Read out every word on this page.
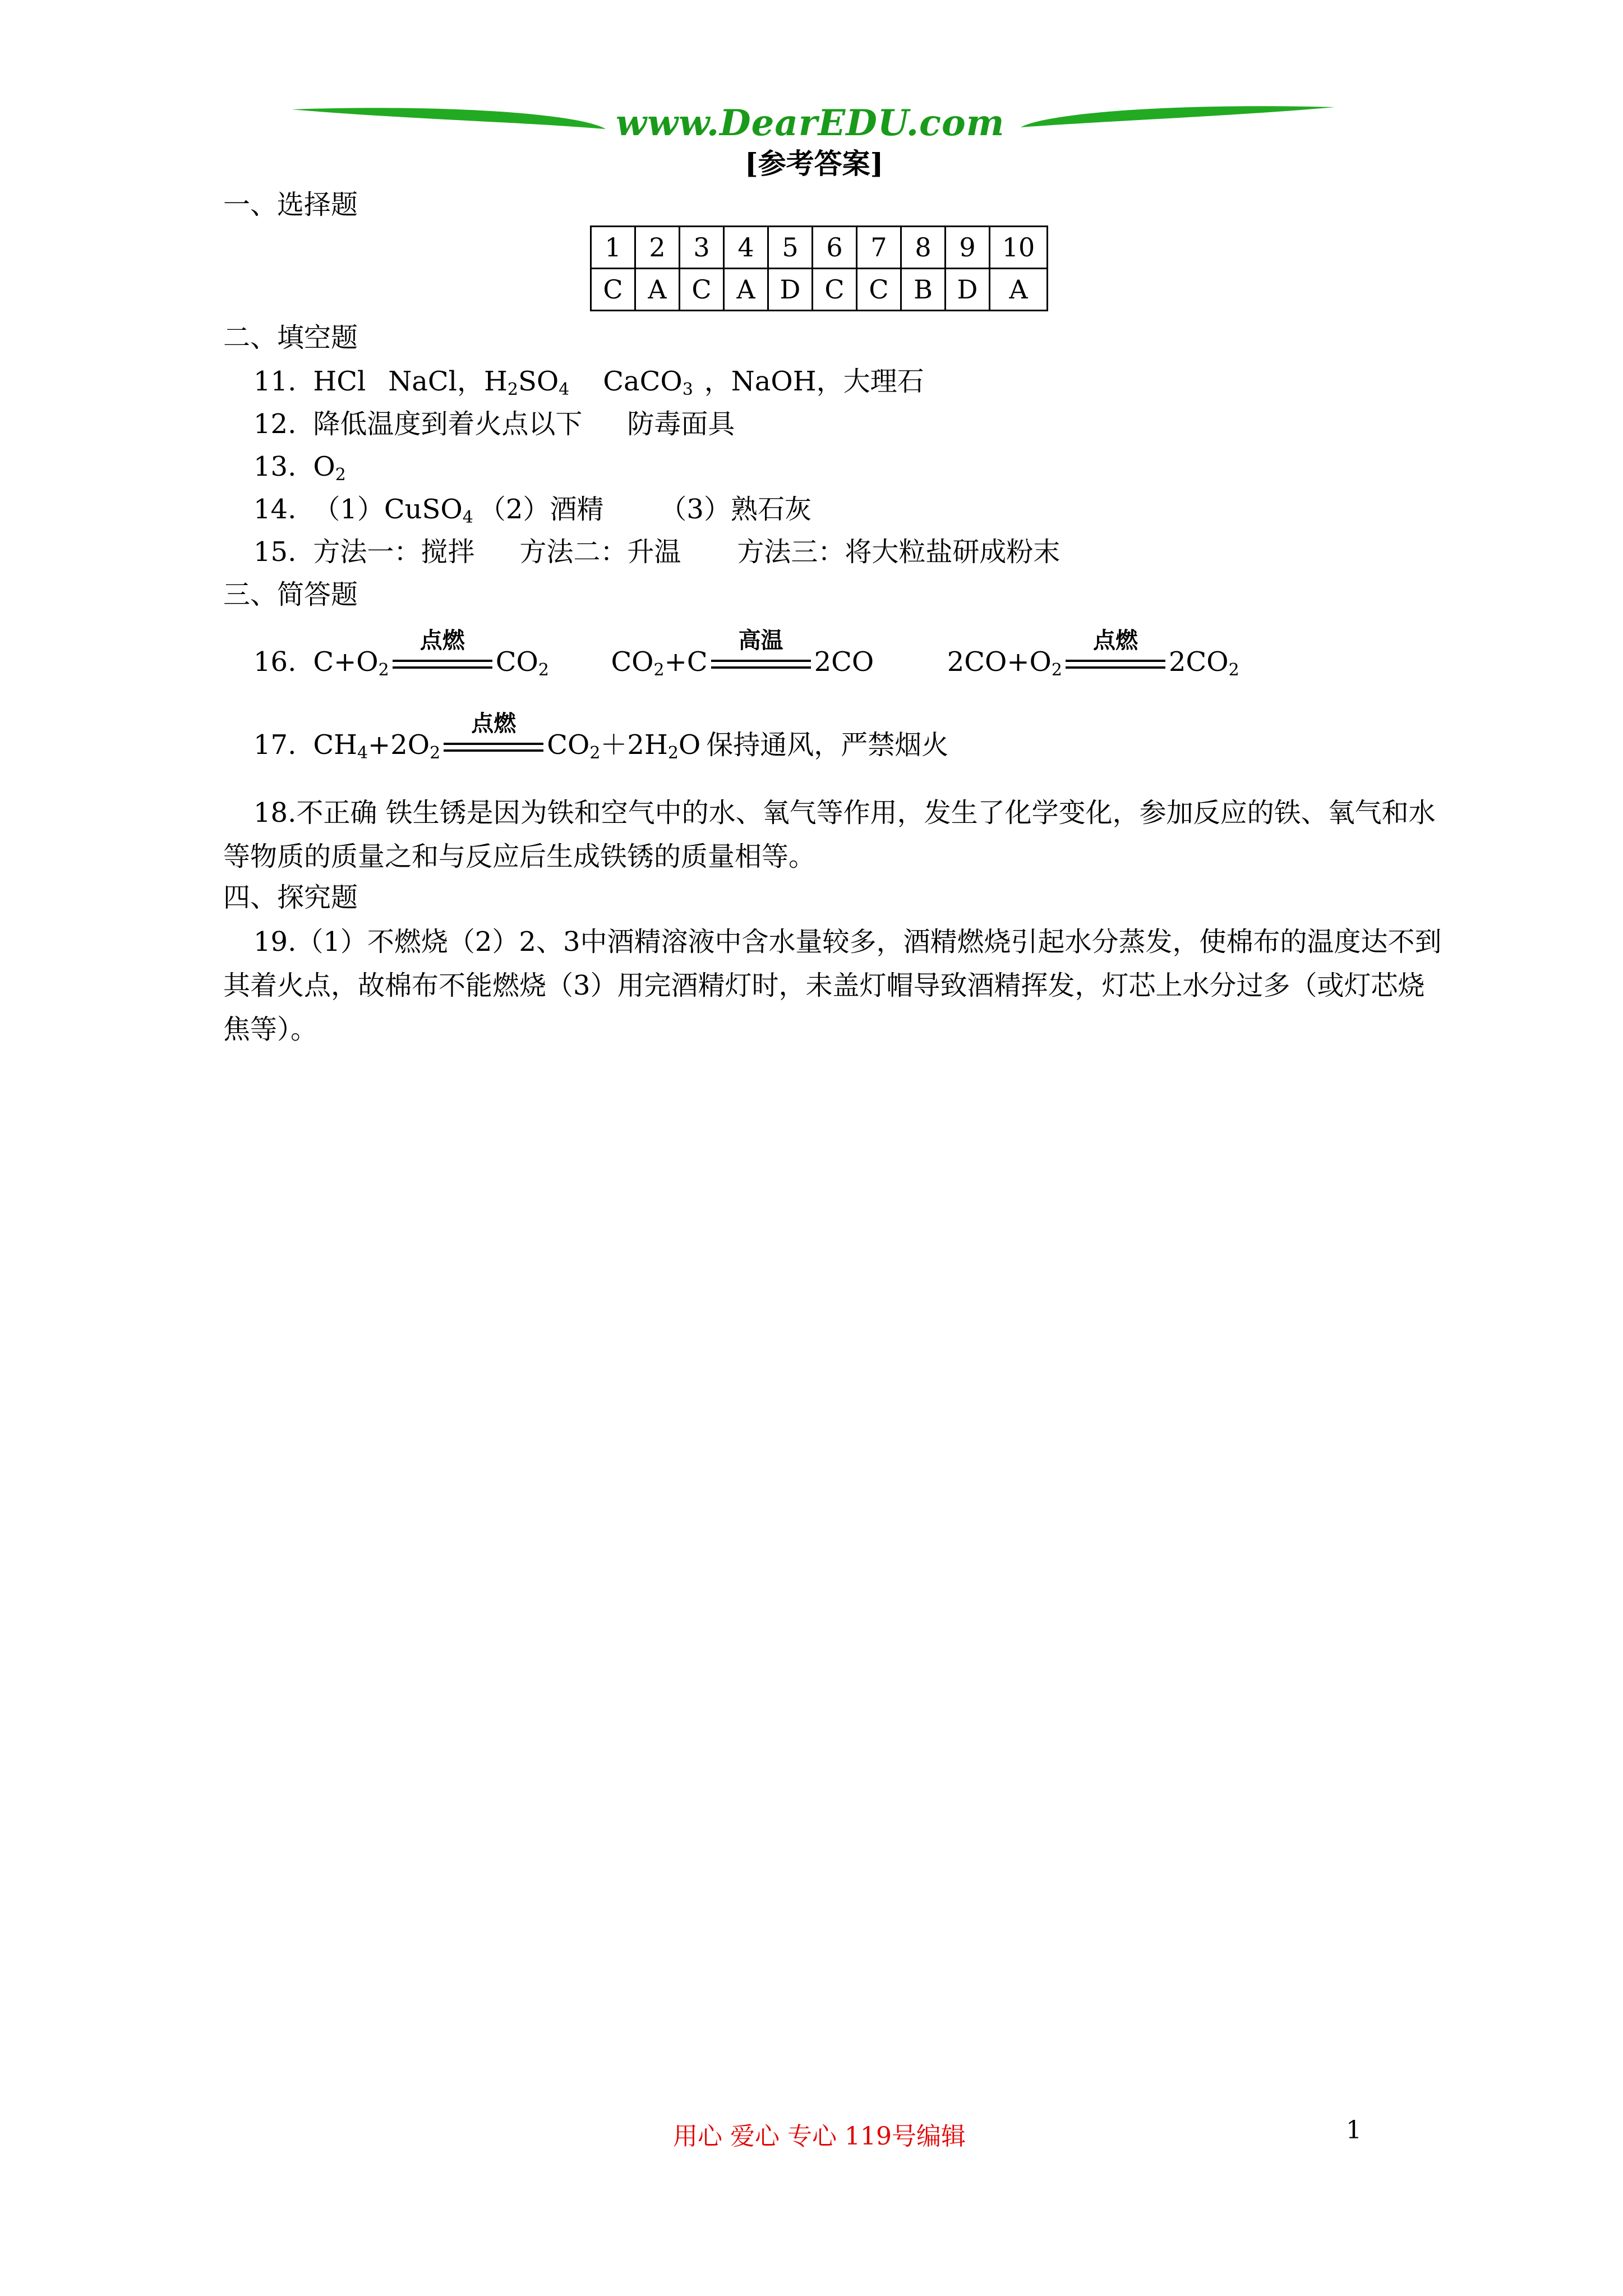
www.DearEDU.com
[参考答案]
一、选择题
1	2	3	4	5	6	7	8	9	10
C	A	C	A	D	C	C	B	D	A
二、填空题
11. HCl NaCl，$H_2SO_4$ CaCO$_3$ ，NaOH，大理石
12. 降低温度到着火点以下 防毒面具
13. $O_2$
14. （1）CuSO$_4$ （2）酒精 （3）熟石灰
15. 方法一：搅拌 方法二：升温 方法三：将大粒盐研成粉末
三、简答题
16. $C+O_2$
点燃
$CO_2$ $CO_2+C$
高温
2CO	$2CO+O_2$
点燃
$2CO_2$
17. $CH_4+2O_2$
点燃
$CO_2+2H_2O$ 保持通风，严禁烟火
18.不正确 铁生锈是因为铁和空气中的水、氧气等作用，发生了化学变化，参加反应的铁、氧气和水等物质的质量之和与反应后生成铁锈的质量相等。
四、探究题
19.（1）不燃烧（2）2、3中酒精溶液中含水量较多，酒精燃烧引起水分蒸发，使棉布的温度达不到其着火点，故棉布不能燃烧（3）用完酒精灯时，未盖灯帽导致酒精挥发，灯芯上水分过多（或灯芯烧焦等）。
用心 爱心 专心 119号编辑	1
